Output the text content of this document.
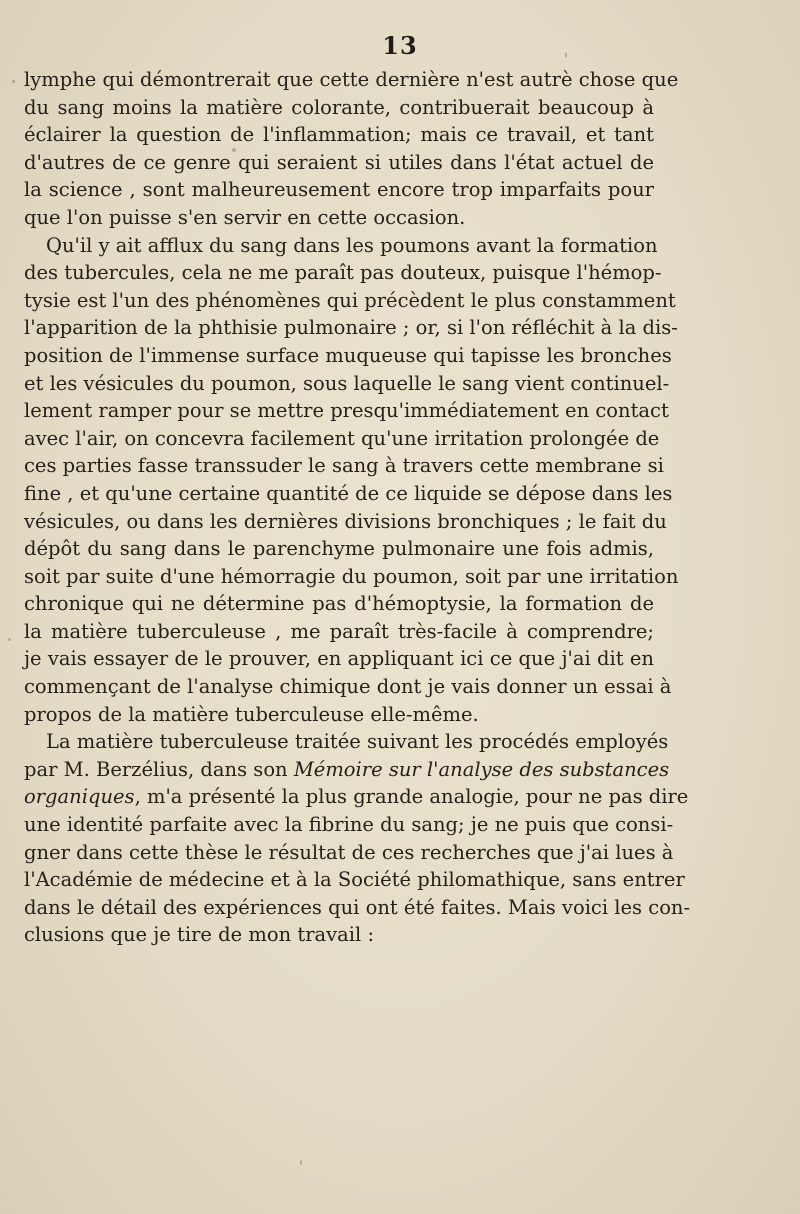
13
lymphe qui démontrerait que cette dernière n'est autrè chose que
du sang moins la matière colorante, contribuerait beaucoup à
éclairer la question de l'inflammation; mais ce travail, et tant
d'autres de ce genre qui seraient si utiles dans l'état actuel de
la science , sont malheureusement encore trop imparfaits pour
que l'on puisse s'en servir en cette occasion.
Qu'il y ait afflux du sang dans les poumons avant la formation
des tubercules, cela ne me paraît pas douteux, puisque l'hémop-
tysie est l'un des phénomènes qui précèdent le plus constamment
l'apparition de la phthisie pulmonaire ; or, si l'on réfléchit à la dis-
position de l'immense surface muqueuse qui tapisse les bronches
et les vésicules du poumon, sous laquelle le sang vient continuel-
lement ramper pour se mettre presqu'immédiatement en contact
avec l'air, on concevra facilement qu'une irritation prolongée de
ces parties fasse transsuder le sang à travers cette membrane si
fine , et qu'une certaine quantité de ce liquide se dépose dans les
vésicules, ou dans les dernières divisions bronchiques ; le fait du
dépôt du sang dans le parenchyme pulmonaire une fois admis,
soit par suite d'une hémorragie du poumon, soit par une irritation
chronique qui ne détermine pas d'hémoptysie, la formation de
la matière tuberculeuse , me paraît très-facile à comprendre;
je vais essayer de le prouver, en appliquant ici ce que j'ai dit en
commençant de l'analyse chimique dont je vais donner un essai à
propos de la matière tuberculeuse elle-même.
La matière tuberculeuse traitée suivant les procédés employés
par M. Berzélius, dans son Mémoire sur l'analyse des substances
organiques, m'a présenté la plus grande analogie, pour ne pas dire
une identité parfaite avec la fibrine du sang; je ne puis que consi-
gner dans cette thèse le résultat de ces recherches que j'ai lues à
l'Académie de médecine et à la Société philomathique, sans entrer
dans le détail des expériences qui ont été faites. Mais voici les con-
clusions que je tire de mon travail :
